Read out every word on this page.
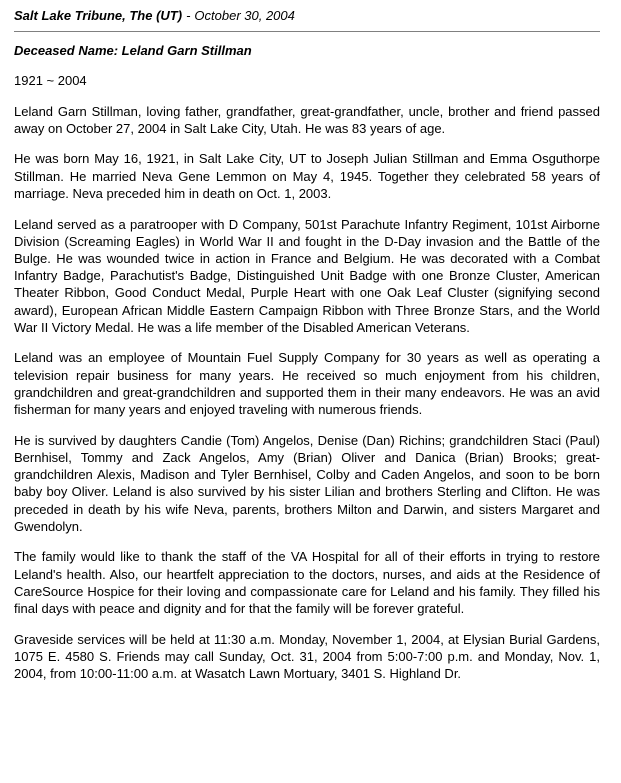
Salt Lake Tribune, The (UT) - October 30, 2004
Deceased Name: Leland Garn Stillman
1921 ~ 2004

Leland Garn Stillman, loving father, grandfather, great-grandfather, uncle, brother and friend passed away on October 27, 2004 in Salt Lake City, Utah. He was 83 years of age.

He was born May 16, 1921, in Salt Lake City, UT to Joseph Julian Stillman and Emma Osguthorpe Stillman. He married Neva Gene Lemmon on May 4, 1945. Together they celebrated 58 years of marriage. Neva preceded him in death on Oct. 1, 2003.

Leland served as a paratrooper with D Company, 501st Parachute Infantry Regiment, 101st Airborne Division (Screaming Eagles) in World War II and fought in the D-Day invasion and the Battle of the Bulge. He was wounded twice in action in France and Belgium. He was decorated with a Combat Infantry Badge, Parachutist's Badge, Distinguished Unit Badge with one Bronze Cluster, American Theater Ribbon, Good Conduct Medal, Purple Heart with one Oak Leaf Cluster (signifying second award), European African Middle Eastern Campaign Ribbon with Three Bronze Stars, and the World War II Victory Medal. He was a life member of the Disabled American Veterans.

Leland was an employee of Mountain Fuel Supply Company for 30 years as well as operating a television repair business for many years. He received so much enjoyment from his children, grandchildren and great-grandchildren and supported them in their many endeavors. He was an avid fisherman for many years and enjoyed traveling with numerous friends.

He is survived by daughters Candie (Tom) Angelos, Denise (Dan) Richins; grandchildren Staci (Paul) Bernhisel, Tommy and Zack Angelos, Amy (Brian) Oliver and Danica (Brian) Brooks; great-grandchildren Alexis, Madison and Tyler Bernhisel, Colby and Caden Angelos, and soon to be born baby boy Oliver. Leland is also survived by his sister Lilian and brothers Sterling and Clifton. He was preceded in death by his wife Neva, parents, brothers Milton and Darwin, and sisters Margaret and Gwendolyn.

The family would like to thank the staff of the VA Hospital for all of their efforts in trying to restore Leland's health. Also, our heartfelt appreciation to the doctors, nurses, and aids at the Residence of CareSource Hospice for their loving and compassionate care for Leland and his family. They filled his final days with peace and dignity and for that the family will be forever grateful.

Graveside services will be held at 11:30 a.m. Monday, November 1, 2004, at Elysian Burial Gardens, 1075 E. 4580 S. Friends may call Sunday, Oct. 31, 2004 from 5:00-7:00 p.m. and Monday, Nov. 1, 2004, from 10:00-11:00 a.m. at Wasatch Lawn Mortuary, 3401 S. Highland Dr.
